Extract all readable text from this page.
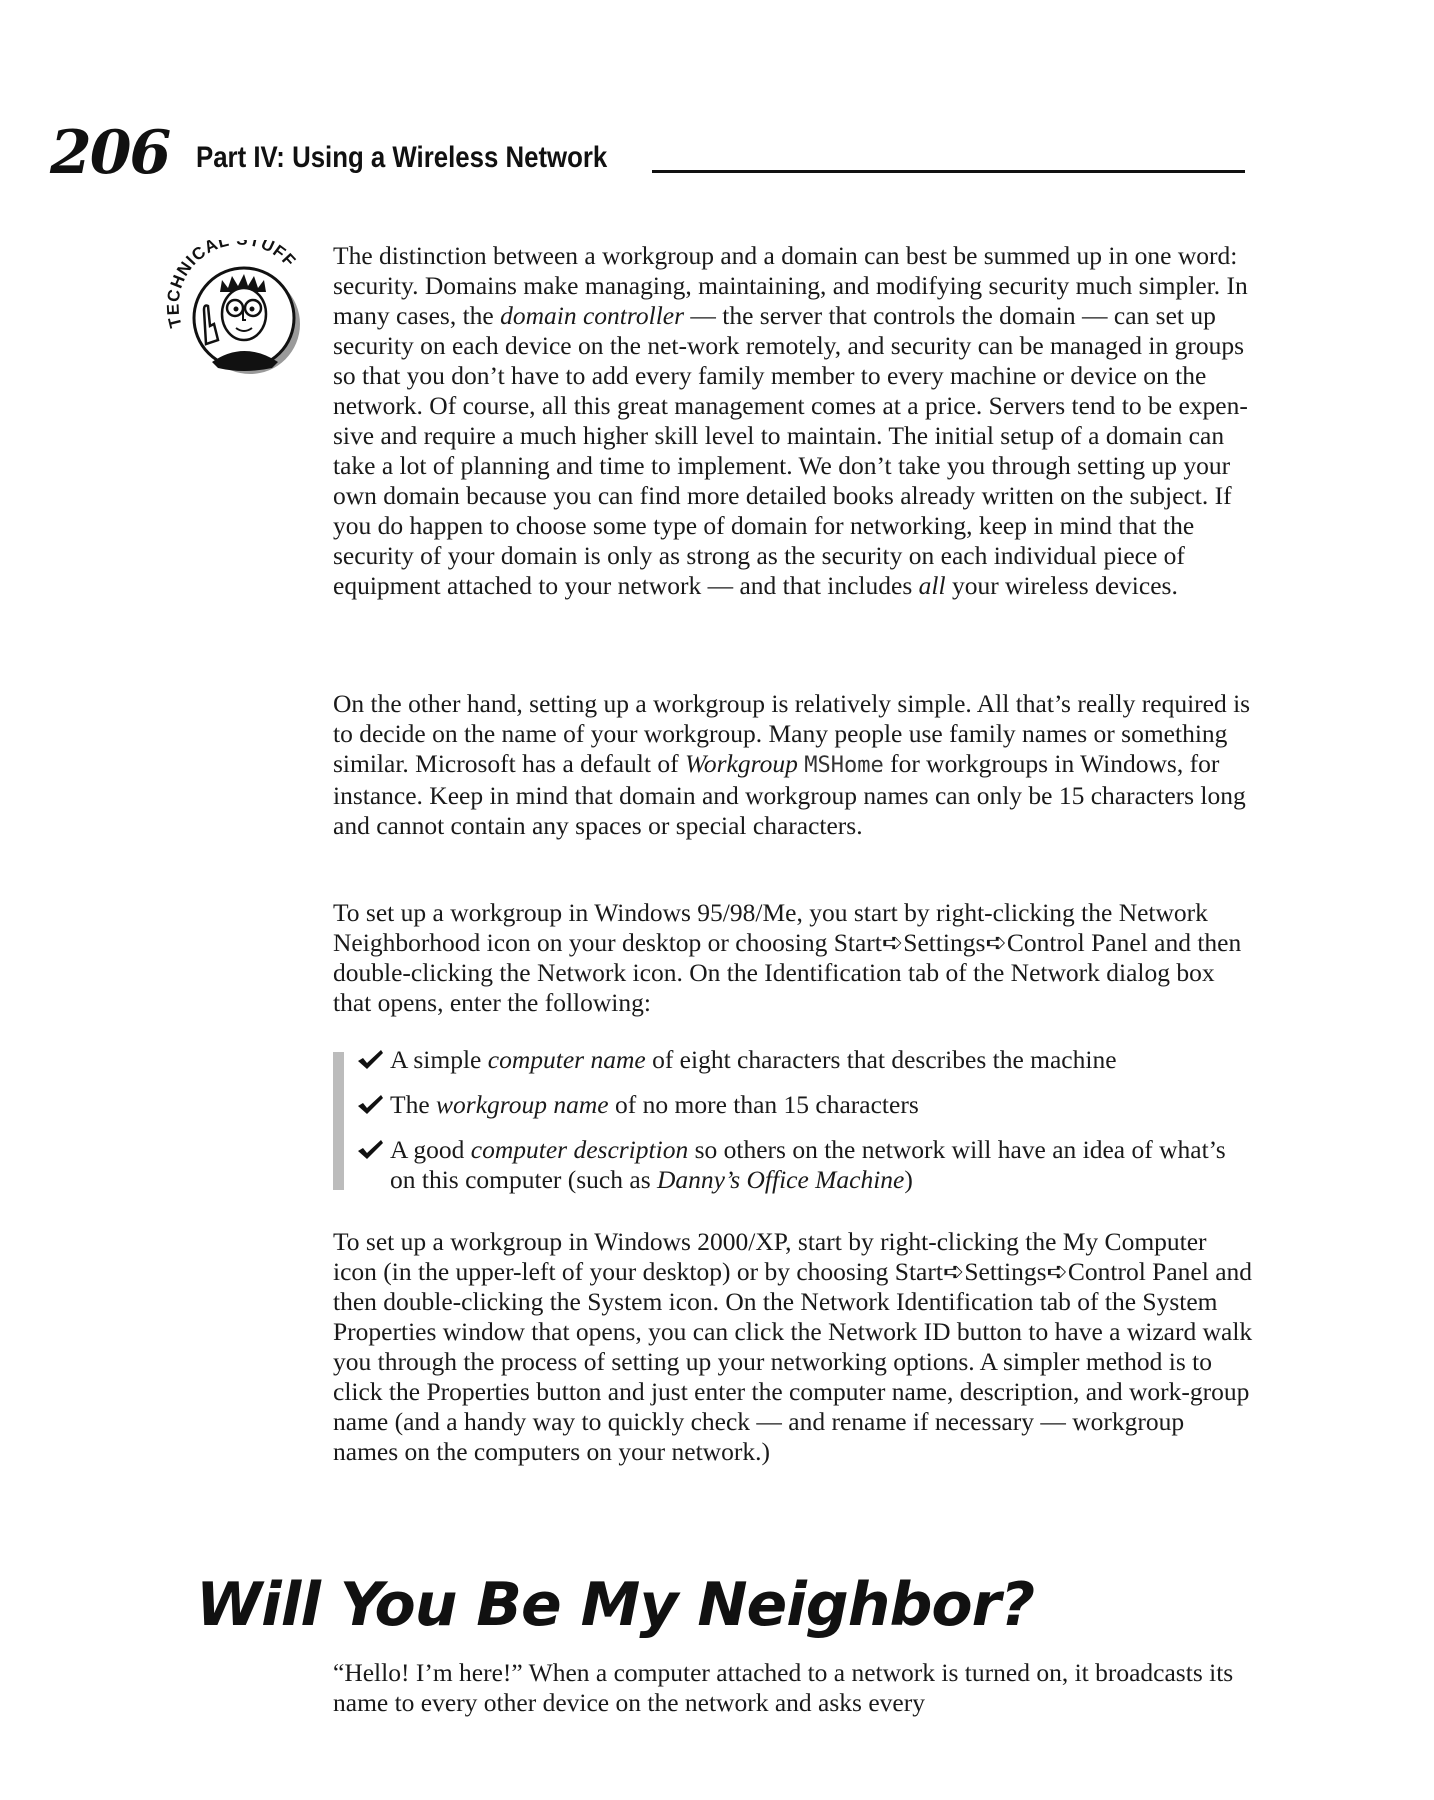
206 Part IV: Using a Wireless Network
TECHNICAL TUFF The distinction between a workgroup and a domain can best be summed up in one word: security. Domains make managing, maintaining, and modifying security much simpler. In many cases, the domain controller — the server that controls the domain — can set up security on each device on the net-work remotely, and security can be managed in groups so that you don’t have to add every family member to every machine or device on the network. Of course, all this great management comes at a price. Servers tend to be expen-sive and require a much higher skill level to maintain. The initial setup of a domain can take a lot of planning and time to implement. We don’t take you through setting up your own domain because you can find more detailed books already written on the subject. If you do happen to choose some type of domain for networking, keep in mind that the security of your domain is only as strong as the security on each individual piece of equipment attached to your network — and that includes all your wireless devices.

On the other hand, setting up a workgroup is relatively simple. All that’s really required is to decide on the name of your workgroup. Many people use family names or something similar. Microsoft has a default of Workgroup MSHome for workgroups in Windows, for instance. Keep in mind that domain and workgroup names can only be 15 characters long and cannot contain any spaces or special characters.

To set up a workgroup in Windows 95/98/Me, you start by right-clicking the Network Neighborhood icon on your desktop or choosing Start➪Settings➪Control Panel and then double-clicking the Network icon. On the Identification tab of the Network dialog box that opens, enter the following:

A simple computer name of eight characters that describes the machine
The workgroup name of no more than 15 characters
A good computer description so others on the network will have an idea of what’s on this computer (such as Danny’s Office Machine)

To set up a workgroup in Windows 2000/XP, start by right-clicking the My Computer icon (in the upper-left of your desktop) or by choosing Start➪Settings➪Control Panel and then double-clicking the System icon. On the Network Identification tab of the System Properties window that opens, you can click the Network ID button to have a wizard walk you through the process of setting up your networking options. A simpler method is to click the Properties button and just enter the computer name, description, and work-group name (and a handy way to quickly check — and rename if necessary — workgroup names on the computers on your network.)

Will You Be My Neighbor?

“Hello! I’m here!” When a computer attached to a network is turned on, it broadcasts its name to every other device on the network and asks every
